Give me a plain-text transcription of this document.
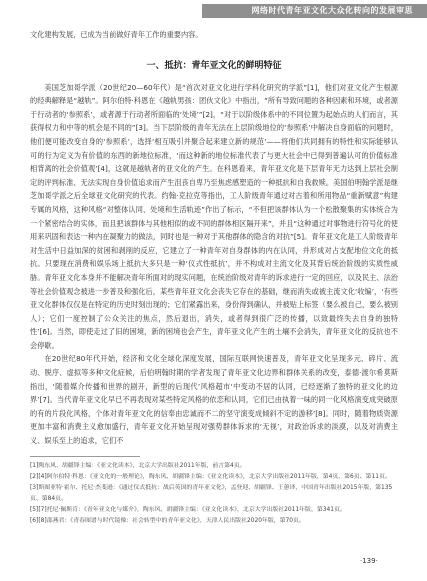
网络时代青年亚文化大众化转向的发展审思

文化建构发展，已成为当前做好青年工作的重要内容。

一、抵抗：青年亚文化的鲜明特征

美国芝加哥学派（20世纪20—60年代）是“首次对亚文化进行学科化研究的学派”[1]，他们对亚文化产生根源的经典解释是“越轨”。阿尔伯特·科恩在《越轨男孩：团伙文化》中指出，“所有导致问题的各种因素和环境，或者源于行动者的‘参照系’，或者源于行动者所面临的‘处境’”[2]，“对于以阶级体系中的不同位置为起始点的人们而言，其获得权力和中等的机会是不同的”[3]。当下层阶级的青年无法在上层阶级地位的‘参照系’中解决自身面临的问题时，他们便可能改变自身的‘参照系’，选择‘相互吸引并聚合起来建立新的规范’——将他们共同拥有的特性和实际能够认可的行为定义为有价值的东西的新地位标准，‘而这种新的地位标准代表了与更大社会中已得到普遍认可的价值标准相背离的社会价值观’[4]，这就是越轨者的亚文化的产生。在科恩看来，青年亚文化是下层青年无力达到上层社会制定的评判标准、无法实现自身价值追求而产生沮丧自卑乃至焦虑感塑造的一种抵抗和自我救赎。美国伯明翰学派是继芝加哥学派之后全球亚文化研究的代表。约翰·克拉克等指出，工人阶级青年通过对古着和所用物品“重新赋意”构建专属的风格，这种风格“对整体认同、处境和生活轨迹”作出了标示，“不但把该群体认为一个松散聚集的实体统合为一个紧密结合的实体，而且把该群体与其他相似的或不同的群体相区隔开来”，并且“这种通过对事物进行符号化的使用来巩固和表达一种内在凝聚力的做法，同时也是一种对于其他群体的隐含的对抗”[5]。青年亚文化是工人阶级青年对生活中日益加深的贫困和剥削的反应，它建立了一种青年对自身群体的内在认同，并形成对占支配地位文化的抵抗。只要现在消费和娱乐场上抵抗大多只是一种‘仪式性抵抗’，并不构成对主流文化及其背后统治阶级的实质性威胁。青年亚文化本身并不能解决青年所面对的现实问题，在统治阶级对青年的诉求进行一定的回应，以及民主、法治等社会价值观念被进一步普及和强化后，某些青年亚文化会丧失它存在的基础，继而消失或被主流文化‘收编’，‘有些亚文化群体仅仅是在特定的历史时刻出现的；它们紧露出来，身份得到确认，并被贴上标签（要么被自己，要么被别人）；它们一度控制了公众关注的焦点，然后退出，消失，或者得到很广泛的传播，以致最终失去自身的独特性’[6]。当然，即使走过了旧的困境，新的困境也会产生，青年亚文化产生的土壤不会消失，青年亚文化的反抗也不会停歇。

在20世纪80年代开始，经济和文化全球化深度发展，国际互联网快速普及，青年亚文化呈现多元、碎片、流动、脱序、虚拟等多种文化症候，后伯明翰时期的学者发现了青年亚文化边界和群体关系的改变，泰德·渡尔希莫斯指出，‘随着媒介传播和世界的剧开，新型的后现代’风格超市‘中变动不居的认同，已经逐渐了独特的亚文化的边界’[7]。当代青年亚文化早已不再表现对某些特定风格的依恋和认同，它们已由执着一味的同一化风格演变成突破原的有的片段化风格，个体对青年亚文化的信奉由忠诚而不二的坚守演变成倾斜不定的游移’[8]。同时，随着物质资源更加丰富和消费主义愈加盛行，青年亚文化开始呈现对强势群体诉求的‘无视’，对政治诉求的淡漠，以及对消费主义、娱乐至上的追求，它们不

[1]陶东风、胡疆锋主编：《亚文化读本》，北京大学出版社2011年版，前言第4页。

[2][4]阿尔伯特·科恩：《亚文化的一般理论》，陶东风、胡疆锋主编：《亚文化读本》，北京大学出版社2011年版，第4页、第6页、第11页。

[3]斯图亚特·霍尔、托尼·杰斐逊：《通过仪式抵抗：战后英国的青年亚文化》，孟登迎、胡疆锋、王蕙译，中国青年出版社2015年版，第135页、第84页。

[5][7]托尼·佩斯肯：《青年亚文化与媒介》，陶东风、胡疆锋主编：《亚文化读本》，北京大学出版社2011年版，第341页。

[6][8]邵燕君：《青春图谱与时代镜像：社会转型中的青年亚文化》，天津人民出版社2020年版，第70页。

·139·
